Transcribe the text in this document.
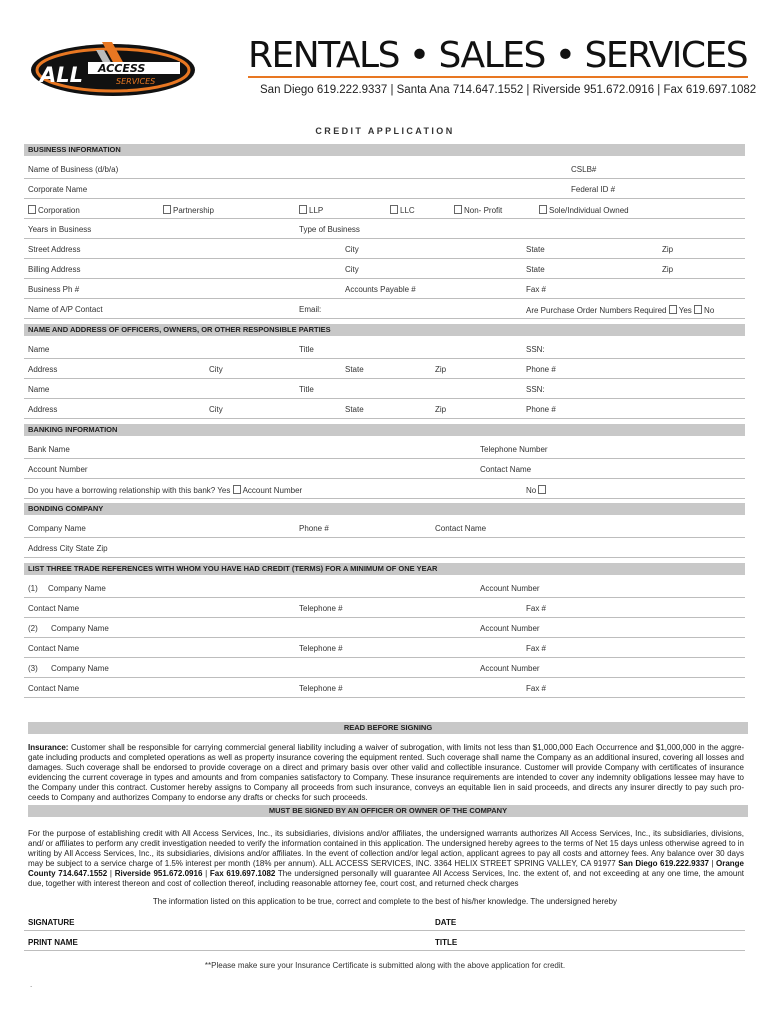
ALL ACCESS
SERVICES
RENTALS • SALES • SERVICES
San Diego 619.222.9337 | Santa Ana 714.647.1552 | Riverside 951.672.0916 | Fax 619.697.1082
CREDIT APPLICATION
BUSINESS INFORMATION
Name of Business (d/b/a)	CSLB#
Corporate Name	Federal ID #
Corporation	Partnership	LLP	LLC	Non- Profit	Sole/Individual Owned
Years in Business	Type of Business
Street Address	City	State	Zip
Billing Address	City	State	Zip
Business Ph #	Accounts Payable #	Fax #
Name of A/P Contact	Email:	Are Purchase Order Numbers Required Yes No
NAME AND ADDRESS OF OFFICERS, OWNERS, OR OTHER RESPONSIBLE PARTIES
Name	Title	SSN:
Address	City	State	Zip	Phone #
Name	Title	SSN:
Address	City	State	Zip	Phone #
BANKING INFORMATION
Bank Name	Telephone Number
Account Number	Contact Name
Do you have a borrowing relationship with this bank? Yes Account Number	No
BONDING COMPANY
Company Name	Phone #	Contact Name
Address City State Zip
LIST THREE TRADE REFERENCES WITH WHOM YOU HAVE HAD CREDIT (TERMS) FOR A MINIMUM OF ONE YEAR
(1) Company Name	Account Number
Contact Name	Telephone #	Fax #
(2) Company Name	Account Number
Contact Name	Telephone #	Fax #
(3) Company Name	Account Number
Contact Name	Telephone #	Fax #
READ BEFORE SIGNING
Insurance: Customer shall be responsible for carrying commercial general liability including a waiver of subrogation, with limits not less than $1,000,000 Each Occurrence and $1,000,000 in the aggre-gate including products and completed operations as well as property insurance covering the equipment rented. Such coverage shall name the Company as an additional insured, covering all losses and damages. Such coverage shall be endorsed to provide coverage on a direct and primary basis over other valid and collectible insurance. Customer will provide Company with certificates of insurance evidencing the current coverage in types and amounts and from companies satisfactory to Company. These insurance requirements are intended to cover any indemnity obligations lessee may have to the Company under this contract. Customer hereby assigns to Company all proceeds from such insurance, conveys an equitable lien in said proceeds, and directs any insurer directly to pay such pro-ceeds to Company and authorizes Company to endorse any drafts or checks for such proceeds.
MUST BE SIGNED BY AN OFFICER OR OWNER OF THE COMPANY
For the purpose of establishing credit with All Access Services, Inc., its subsidiaries, divisions and/or affiliates, the undersigned warrants authorizes All Access Services, Inc., its subsidiaries, divisions, and/ or affiliates to perform any credit investigation needed to verify the information contained in this application. The undersigned hereby agrees to the terms of Net 15 days unless otherwise agreed to in writing by All Access Services, Inc., its subsidiaries, divisions and/or affiliates. In the event of collection and/or legal action, applicant agrees to pay all costs and attorney fees. Any balance over 30 days may be subject to a service charge of 1.5% interest per month (18% per annum). ALL ACCESS SERVICES, INC. 3364 HELIX STREET SPRING VALLEY, CA 91977 San Diego 619.222.9337 | Orange County 714.647.1552 | Riverside 951.672.0916 | Fax 619.697.1082 The undersigned personally will guarantee All Access Services, Inc. the extent of, and not exceeding at any one time, the amount due, together with interest thereon and cost of collection thereof, including reasonable attorney fee, court cost, and returned check charges
The information listed on this application to be true, correct and complete to the best of his/her knowledge. The undersigned hereby
SIGNATURE	DATE
PRINT NAME	TITLE
**Please make sure your Insurance Certificate is submitted along with the above application for credit.
.
